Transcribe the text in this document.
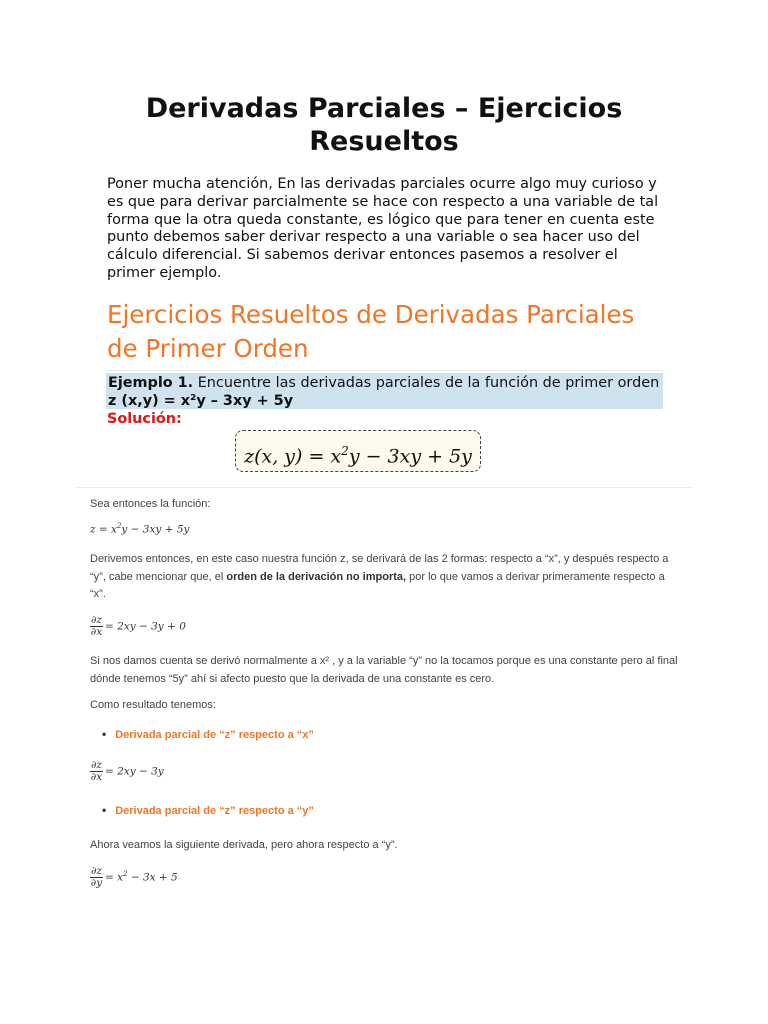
Derivadas Parciales – Ejercicios Resueltos

Poner mucha atención, En las derivadas parciales ocurre algo muy curioso y es que para derivar parcialmente se hace con respecto a una variable de tal forma que la otra queda constante, es lógico que para tener en cuenta este punto debemos saber derivar respecto a una variable o sea hacer uso del cálculo diferencial. Si sabemos derivar entonces pasemos a resolver el primer ejemplo.

Ejercicios Resueltos de Derivadas Parciales de Primer Orden
Ejemplo 1. Encuentre las derivadas parciales de la función de primer orden z (x,y) = x²y – 3xy + 5y
Solución:
z(x, $y) = x^2y - 3xy + 5y$

Sea entonces la función:

$z = x^2y - 3xy + 5y$

Derivemos entonces, en este caso nuestra función z, se derivará de las 2 formas: respecto a “x”, y después respecto a “y”, cabe mencionar que, el orden de la derivación no importa, por lo que vamos a derivar primeramente respecto a “x”.

$\frac{\partial z}{\partial x} = 2xy - 3y + 0$

Si nos damos cuenta se derivó normalmente a x² , y a la variable “y” no la tocamos porque es una constante pero al final dónde tenemos “5y” ahí si afecto puesto que la derivada de una constante es cero.

Como resultado tenemos:

• Derivada parcial de “z” respecto a “x”
$\frac{\partial z}{\partial x} = 2xy - 3y$
• Derivada parcial de “z” respecto a “y”

Ahora veamos la siguiente derivada, pero ahora respecto a “y”.

$\frac{\partial z}{\partial y} = x^2 - 3x + 5$
